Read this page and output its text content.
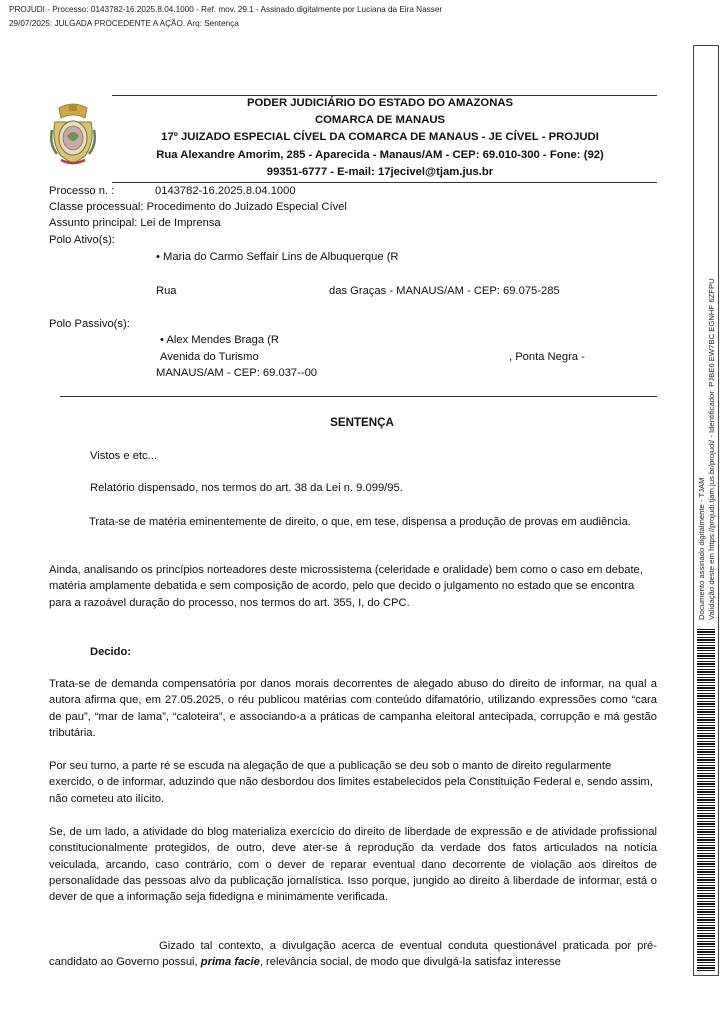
PROJUDI - Processo: 0143782-16.2025.8.04.1000 - Ref. mov. 29.1 - Assinado digitalmente por Luciana da Eira Nasser
29/07/2025: JULGADA PROCEDENTE A AÇÃO. Arq: Sentença
PODER JUDICIÁRIO DO ESTADO DO AMAZONAS
COMARCA DE MANAUS
17º JUIZADO ESPECIAL CÍVEL DA COMARCA DE MANAUS - JE CÍVEL - PROJUDI
Rua Alexandre Amorim, 285 - Aparecida - Manaus/AM - CEP: 69.010-300 - Fone: (92)
99351-6777 - E-mail: 17jecivel@tjam.jus.br
Processo n. :	0143782-16.2025.8.04.1000
Classe processual: Procedimento do Juizado Especial Cível
Assunto principal: Lei de Imprensa
Polo Ativo(s):
• Maria do Carmo Seffair Lins de Albuquerque (R
Rua	das Graças - MANAUS/AM - CEP: 69.075-285
Polo Passivo(s):
• Alex Mendes Braga (R
Avenida do Turismo	, Ponta Negra -
MANAUS/AM - CEP: 69.037--00
SENTENÇA
Vistos e etc...
Relatório dispensado, nos termos do art. 38 da Lei n. 9.099/95.
Trata-se de matéria eminentemente de direito, o que, em tese, dispensa a produção de provas em audiência.
Ainda, analisando os princípios norteadores deste microssistema (celeridade e oralidade) bem como o caso em debate, matéria amplamente debatida e sem composição de acordo, pelo que decido o julgamento no estado que se encontra para a razoável duração do processo, nos termos do art. 355, I, do CPC.
Decido:
Trata-se de demanda compensatória por danos morais decorrentes de alegado abuso do direito de informar, na qual a autora afirma que, em 27.05.2025, o réu publicou matérias com conteúdo difamatório, utilizando expressões como “cara de pau”, “mar de lama”, “caloteira”, e associando-a a práticas de campanha eleitoral antecipada, corrupção e má gestão tributária.
Por seu turno, a parte ré se escuda na alegação de que a publicação se deu sob o manto de direito regularmente exercido, o de informar, aduzindo que não desbordou dos limites estabelecidos pela Constituição Federal e, sendo assim, não cometeu ato ilícito.
Se, de um lado, a atividade do blog materializa exercício do direito de liberdade de expressão e de atividade profissional constitucionalmente protegidos, de outro, deve ater-se à reprodução da verdade dos fatos articulados na notícia veiculada, arcando, caso contrário, com o dever de reparar eventual dano decorrente de violação aos direitos de personalidade das pessoas alvo da publicação jornalística. Isso porque, jungido ao direito à liberdade de informar, está o dever de que a informação seja fidedigna e minimamente verificada.
Gizado tal contexto, a divulgação acerca de eventual conduta questionável praticada por pré-candidato ao Governo possui, prima facie, relevância social, de modo que divulgá-la satisfaz interesse
Documento assinado digitalmente - TJAM Validação deste em https://projudi.tjam.jus.br/projudi/ - Identificador: PJBE6 EW7BC EGNHF 6ZFPU
